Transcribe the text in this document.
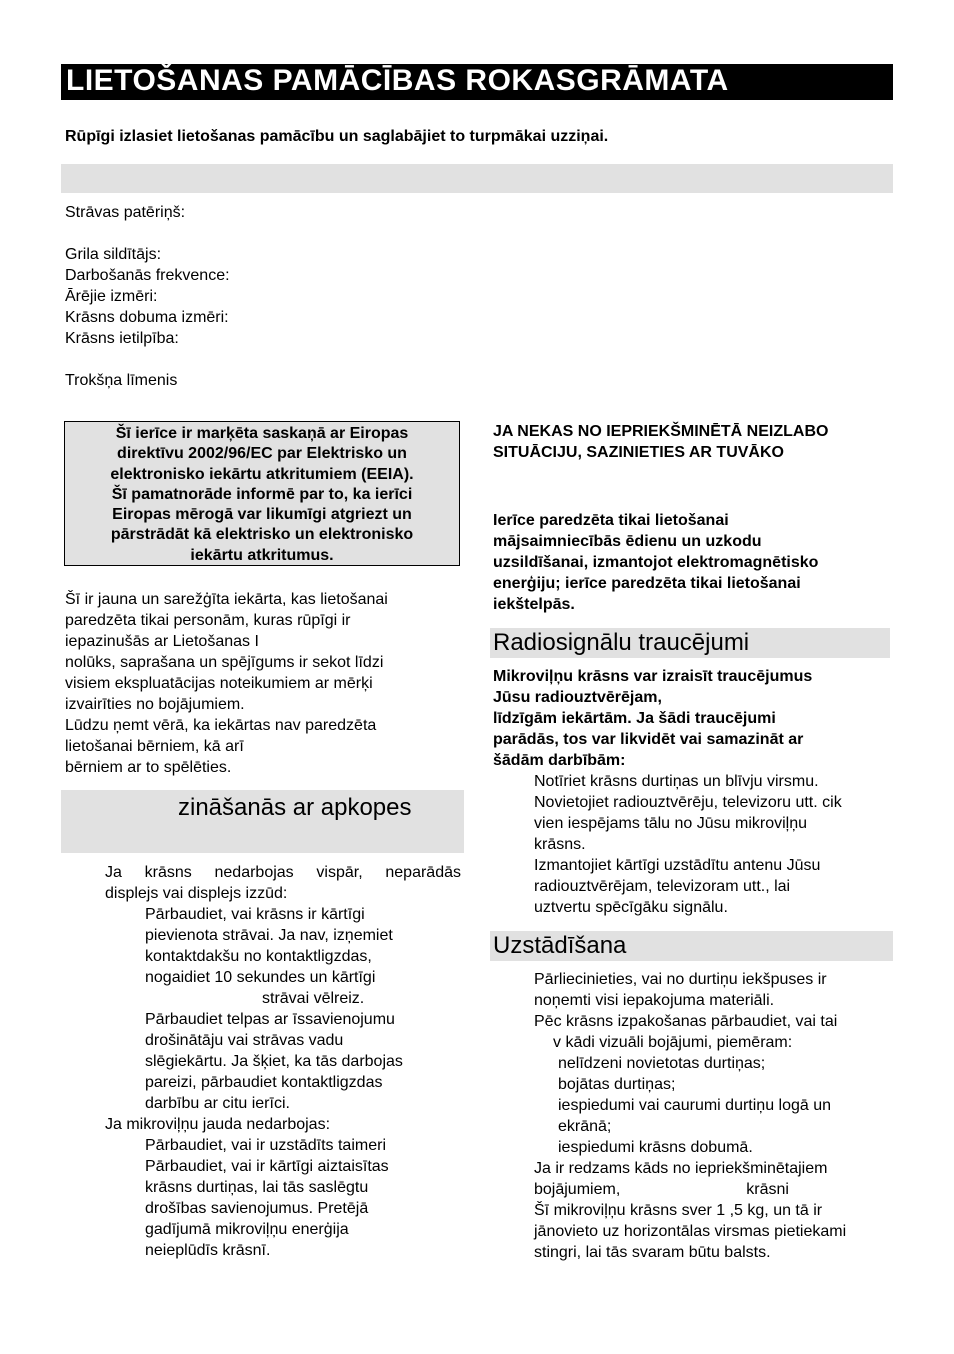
LIETOŠANAS PAMĀCĪBAS ROKASGRĀMATA
Rūpīgi izlasiet lietošanas pamācību un saglabājiet to turpmākai uzziņai.
Strāvas patēriņš:
Grila sildītājs:
Darbošanās frekvence:
Ārējie izmēri:
Krāsns dobuma izmēri:
Krāsns ietilpība:
Trokšņa līmenis
Šī ierīce ir marķēta saskaņā ar Eiropas
direktīvu 2002/96/EC par Elektrisko un
elektronisko iekārtu atkritumiem (EEIA).
Šī pamatnorāde informē par to, ka ierīci
Eiropas mērogā var likumīgi atgriezt un
pārstrādāt kā elektrisko un elektronisko
iekārtu atkritumus.
Šī ir jauna un sarežģīta iekārta, kas lietošanai
paredzēta tikai personām, kuras rūpīgi ir
iepazinušās ar Lietošanas I
nolūks, saprašana un spējīgums ir sekot līdzi
visiem ekspluatācijas noteikumiem ar mērķi
izvairīties no bojājumiem.
Lūdzu ņemt vērā, ka iekārtas nav paredzēta
lietošanai bērniem, kā arī
bērniem ar to spēlēties.
zināšanās ar apkopes
Ja krāsns nedarbojas vispār, neparādās
displejs vai displejs izzūd:
Pārbaudiet, vai krāsns ir kārtīgi
pievienota strāvai. Ja nav, izņemiet
kontaktdakšu no kontaktligzdas,
nogaidiet 10 sekundes un kārtīgi
strāvai vēlreiz.
Pārbaudiet telpas ar īssavienojumu
drošinātāju vai strāvas vadu
slēgiekārtu. Ja šķiet, ka tās darbojas
pareizi, pārbaudiet kontaktligzdas
darbību ar citu ierīci.
Ja mikroviļņu jauda nedarbojas:
Pārbaudiet, vai ir uzstādīts taimeri
Pārbaudiet, vai ir kārtīgi aiztaisītas
krāsns durtiņas, lai tās saslēgtu
drošības savienojumus. Pretējā
gadījumā mikroviļņu enerģija
neieplūdīs krāsnī.
JA NEKAS NO IEPRIEKŠMINĒTĀ NEIZLABO
SITUĀCIJU, SAZINIETIES AR TUVĀKO
Ierīce paredzēta tikai lietošanai
mājsaimniecībās ēdienu un uzkodu
uzsildīšanai, izmantojot elektromagnētisko
enerģiju; ierīce paredzēta tikai lietošanai
iekštelpās.
Radiosignālu traucējumi
Mikroviļņu krāsns var izraisīt traucējumus
Jūsu radiouztvērējam,
līdzīgām iekārtām. Ja šādi traucējumi
parādās, tos var likvidēt vai samazināt ar
šādām darbībām:
Notīriet krāsns durtiņas un blīvju virsmu.
Novietojiet radiouztvērēju, televizoru utt. cik
vien iespējams tālu no Jūsu mikroviļņu
krāsns.
Izmantojiet kārtīgi uzstādītu antenu Jūsu
radiouztvērējam, televizoram utt., lai
uztvertu spēcīgāku signālu.
Uzstādīšana
Pārliecinieties, vai no durtiņu iekšpuses ir
noņemti visi iepakojuma materiāli.
Pēc krāsns izpakošanas pārbaudiet, vai tai
v kādi vizuāli bojājumi, piemēram:
nelīdzeni novietotas durtiņas;
bojātas durtiņas;
iespiedumi vai caurumi durtiņu logā un
ekrānā;
iespiedumi krāsns dobumā.
Ja ir redzams kāds no iepriekšminētajiem
bojājumiem,	krāsni
Šī mikroviļņu krāsns sver 1 ,5 kg, un tā ir
jānovieto uz horizontālas virsmas pietiekami
stingri, lai tās svaram būtu balsts.
